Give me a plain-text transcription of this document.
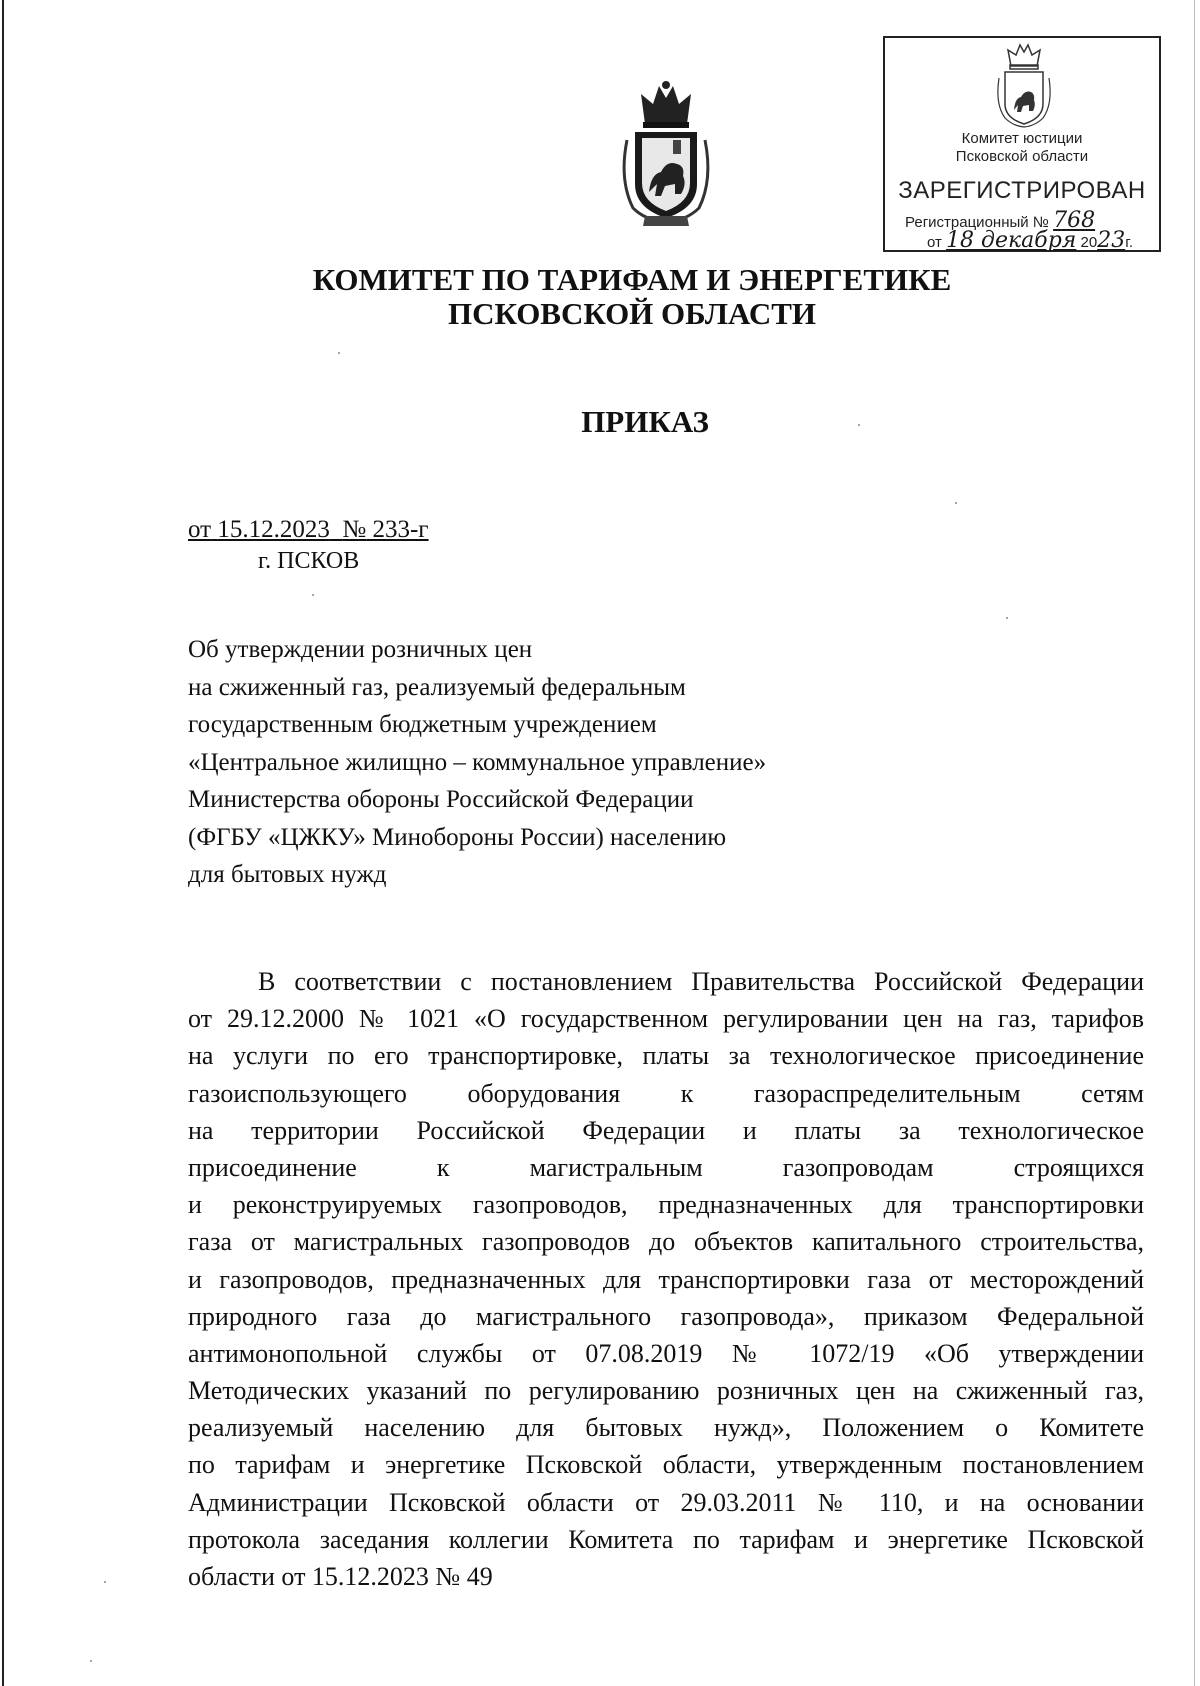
Комитет юстиции
Псковской области
ЗАРЕГИСТРИРОВАН
Регистрационный № 768
от 18 декабря 2023г.
КОМИТЕТ ПО ТАРИФАМ И ЭНЕРГЕТИКЕ
ПСКОВСКОЙ ОБЛАСТИ
ПРИКАЗ
от 15.12.2023 № 233-г
г. ПСКОВ
Об утверждении розничных цен
на сжиженный газ, реализуемый федеральным
государственным бюджетным учреждением
«Центральное жилищно – коммунальное управление»
Министерства обороны Российской Федерации
(ФГБУ «ЦЖКУ» Минобороны России) населению
для бытовых нужд
В соответствии с постановлением Правительства Российской Федерации
от 29.12.2000 № 1021 «О государственном регулировании цен на газ, тарифов
на услуги по его транспортировке, платы за технологическое присоединение
газоиспользующего оборудования к газораспределительным сетям
на территории Российской Федерации и платы за технологическое
присоединение к магистральным газопроводам строящихся
и реконструируемых газопроводов, предназначенных для транспортировки
газа от магистральных газопроводов до объектов капитального строительства,
и газопроводов, предназначенных для транспортировки газа от месторождений
природного газа до магистрального газопровода», приказом Федеральной
антимонопольной службы от 07.08.2019 № 1072/19 «Об утверждении
Методических указаний по регулированию розничных цен на сжиженный газ,
реализуемый населению для бытовых нужд», Положением о Комитете
по тарифам и энергетике Псковской области, утвержденным постановлением
Администрации Псковской области от 29.03.2011 № 110, и на основании
протокола заседания коллегии Комитета по тарифам и энергетике Псковской
области от 15.12.2023 № 49
